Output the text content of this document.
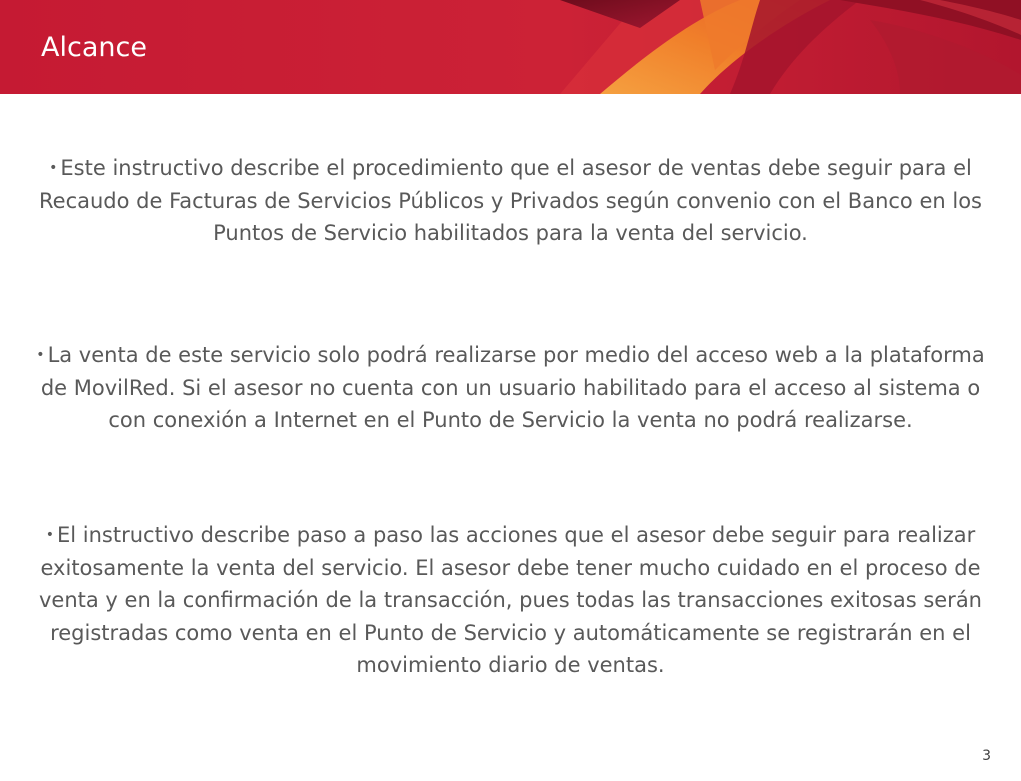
Alcance

• Este instructivo describe el procedimiento que el asesor de ventas debe seguir para el Recaudo de Facturas de Servicios Públicos y Privados según convenio con el Banco en los Puntos de Servicio habilitados para la venta del servicio.

• La venta de este servicio solo podrá realizarse por medio del acceso web a la plataforma de MovilRed. Si el asesor no cuenta con un usuario habilitado para el acceso al sistema o con conexión a Internet en el Punto de Servicio la venta no podrá realizarse.

• El instructivo describe paso a paso las acciones que el asesor debe seguir para realizar exitosamente la venta del servicio. El asesor debe tener mucho cuidado en el proceso de venta y en la confirmación de la transacción, pues todas las transacciones exitosas serán registradas como venta en el Punto de Servicio y automáticamente se registrarán en el movimiento diario de ventas.

3
